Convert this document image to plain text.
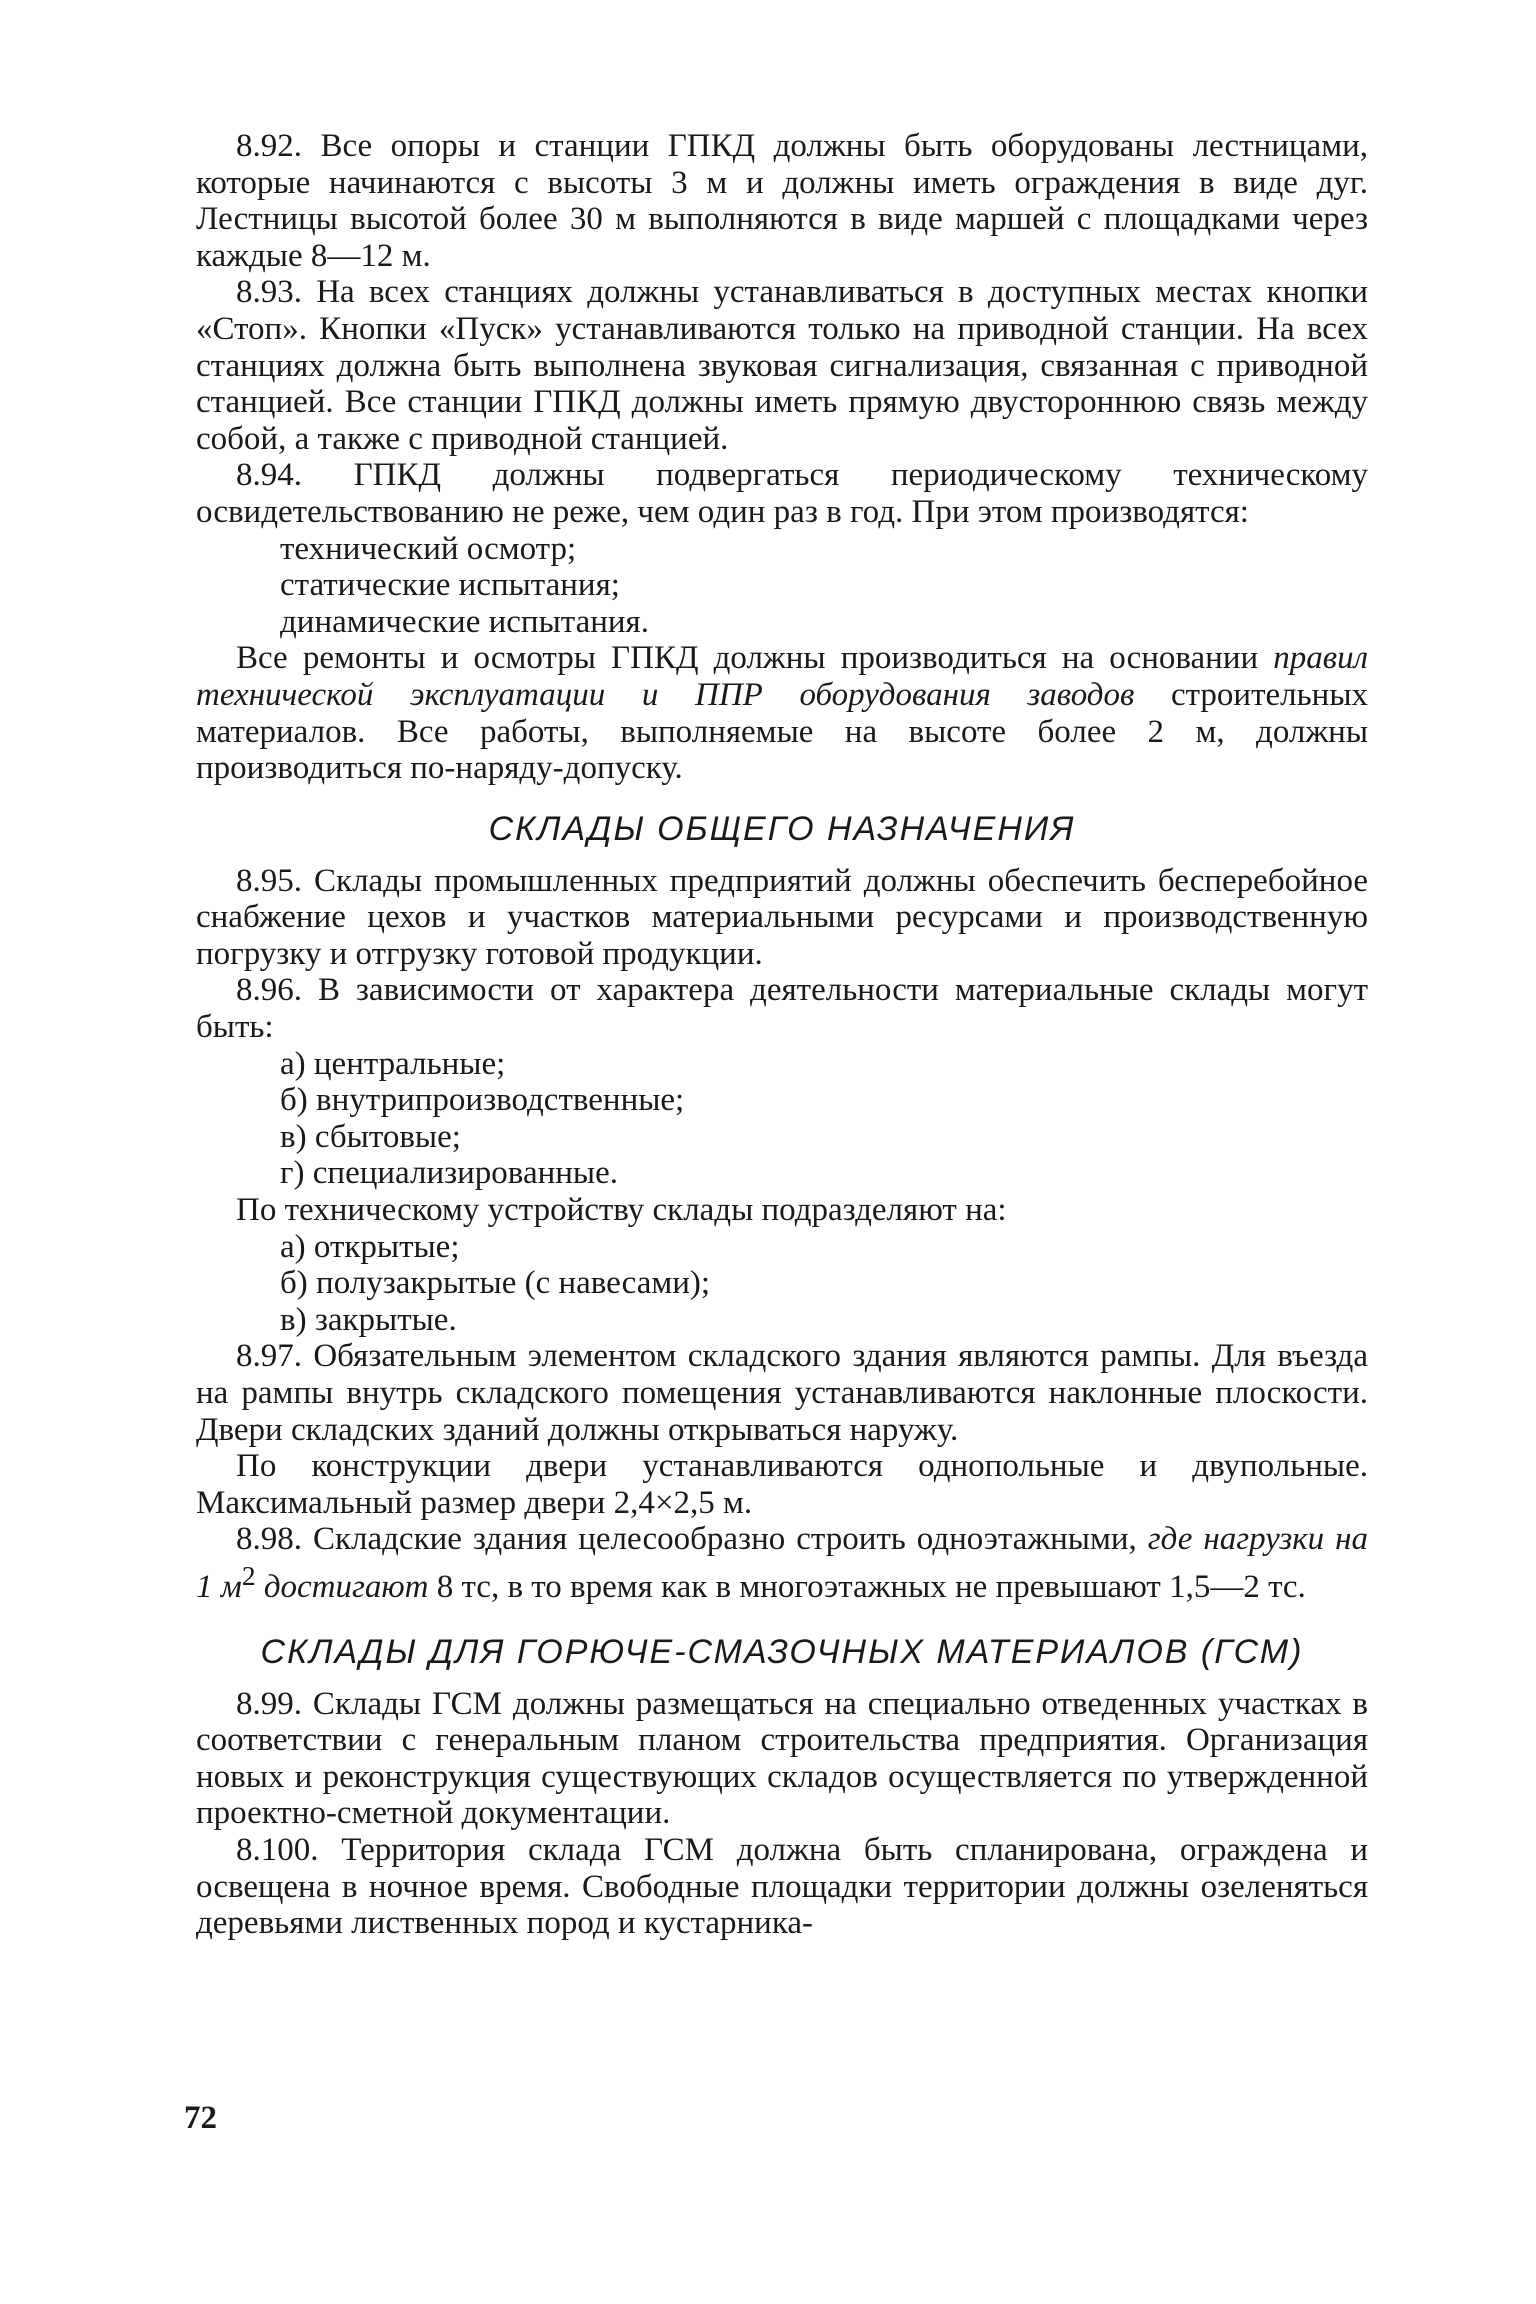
8.92. Все опоры и станции ГПКД должны быть оборудованы лестницами, которые начинаются с высоты 3 м и должны иметь ограждения в виде дуг. Лестницы высотой более 30 м выполняются в виде маршей с площадками через каждые 8—12 м.

8.93. На всех станциях должны устанавливаться в доступных местах кнопки «Стоп». Кнопки «Пуск» устанавливаются только на приводной станции. На всех станциях должна быть выполнена звуковая сигнализация, связанная с приводной станцией. Все станции ГПКД должны иметь прямую двустороннюю связь между собой, а также с приводной станцией.

8.94. ГПКД должны подвергаться периодическому техническому освидетельствованию не реже, чем один раз в год. При этом производятся:

технический осмотр;
статические испытания;
динамические испытания.

Все ремонты и осмотры ГПКД должны производиться на основании правил технической эксплуатации и ППР оборудования заводов строительных материалов. Все работы, выполняемые на высоте более 2 м, должны производиться по-наряду-допуску.

СКЛАДЫ ОБЩЕГО НАЗНАЧЕНИЯ

8.95. Склады промышленных предприятий должны обеспечить бесперебойное снабжение цехов и участков материальными ресурсами и производственную погрузку и отгрузку готовой продукции.

8.96. В зависимости от характера деятельности материальные склады могут быть:

а) центральные;
б) внутрипроизводственные;
в) сбытовые;
г) специализированные.

По техническому устройству склады подразделяют на:

а) открытые;
б) полузакрытые (с навесами);
в) закрытые.

8.97. Обязательным элементом складского здания являются рампы. Для въезда на рампы внутрь складского помещения устанавливаются наклонные плоскости. Двери складских зданий должны открываться наружу.

По конструкции двери устанавливаются однопольные и двупольные. Максимальный размер двери 2,4×2,5 м.

8.98. Складские здания целесообразно строить одноэтажными, где нагрузки на 1 $м^2$ достигают 8 тс, в то время как в многоэтажных не превышают 1,5—2 тс.

СКЛАДЫ ДЛЯ ГОРЮЧЕ-СМАЗОЧНЫХ МАТЕРИАЛОВ (ГСМ)

8.99. Склады ГСМ должны размещаться на специально отведенных участках в соответствии с генеральным планом строительства предприятия. Организация новых и реконструкция существующих складов осуществляется по утвержденной проектно-сметной документации.

8.100. Территория склада ГСМ должна быть спланирована, ограждена и освещена в ночное время. Свободные площадки территории должны озеленяться деревьями лиственных пород и кустарника-

72
